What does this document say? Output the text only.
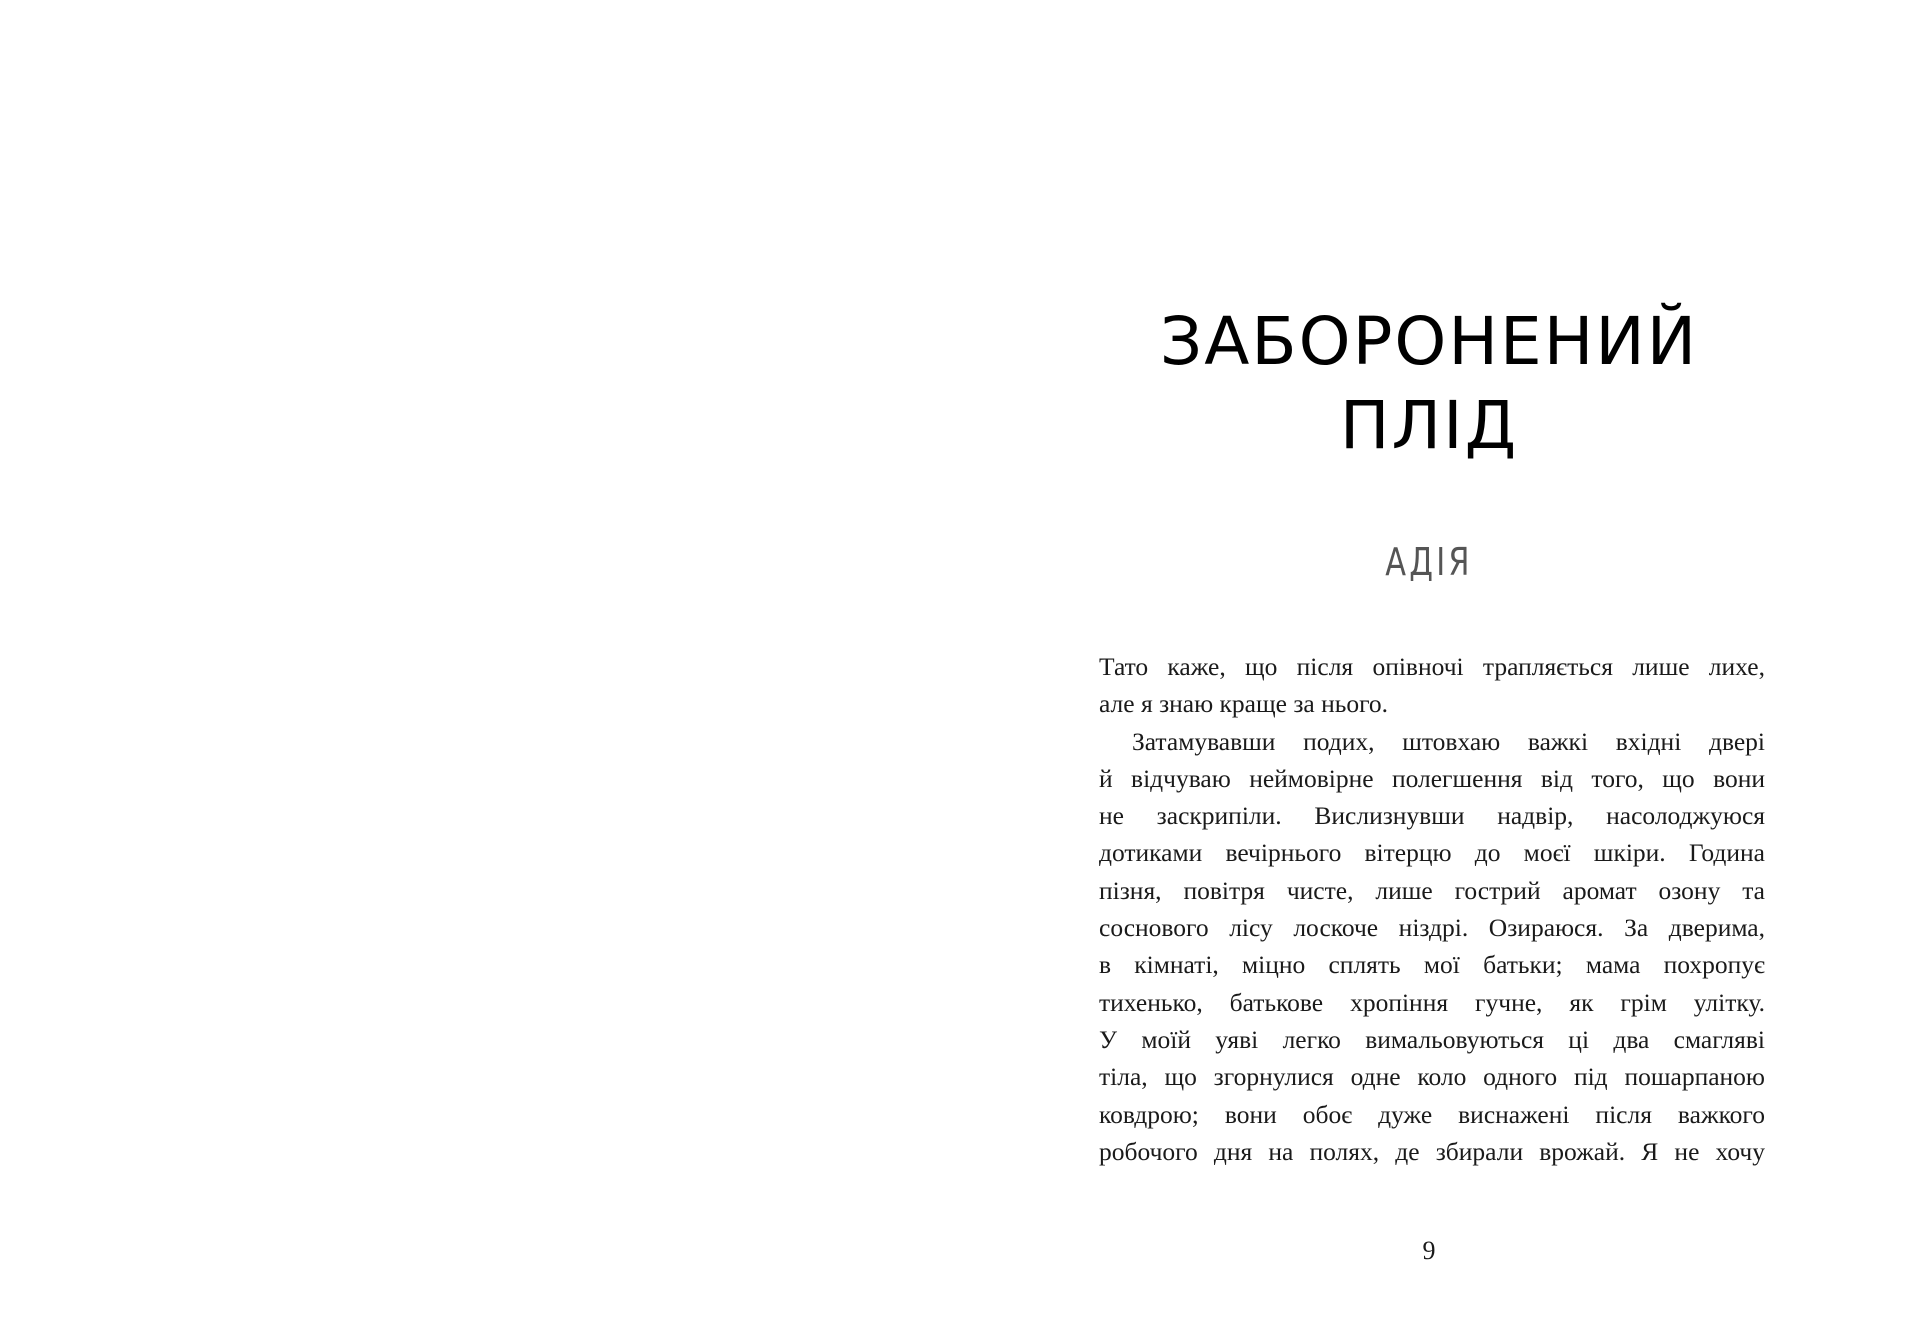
ЗАБОРОНЕНИЙ
ПЛІД
АДІЯ
Тато каже, що після опівночі трапляється лише лихе,
але я знаю краще за нього.
Затамувавши подих, штовхаю важкі вхідні двері
й відчуваю неймовірне полегшення від того, що вони
не заскрипіли. Вислизнувши надвір, насолоджуюся
дотиками вечірнього вітерцю до моєї шкіри. Година
пізня, повітря чисте, лише гострий аромат озону та
соснового лісу лоскоче ніздрі. Озираюся. За дверима,
в кімнаті, міцно сплять мої батьки; мама похропує
тихенько, батькове хропіння гучне, як грім улітку.
У моїй уяві легко вимальовуються ці два смагляві
тіла, що згорнулися одне коло одного під пошарпаною
ковдрою; вони обоє дуже виснажені після важкого
робочого дня на полях, де збирали врожай. Я не хочу
9
